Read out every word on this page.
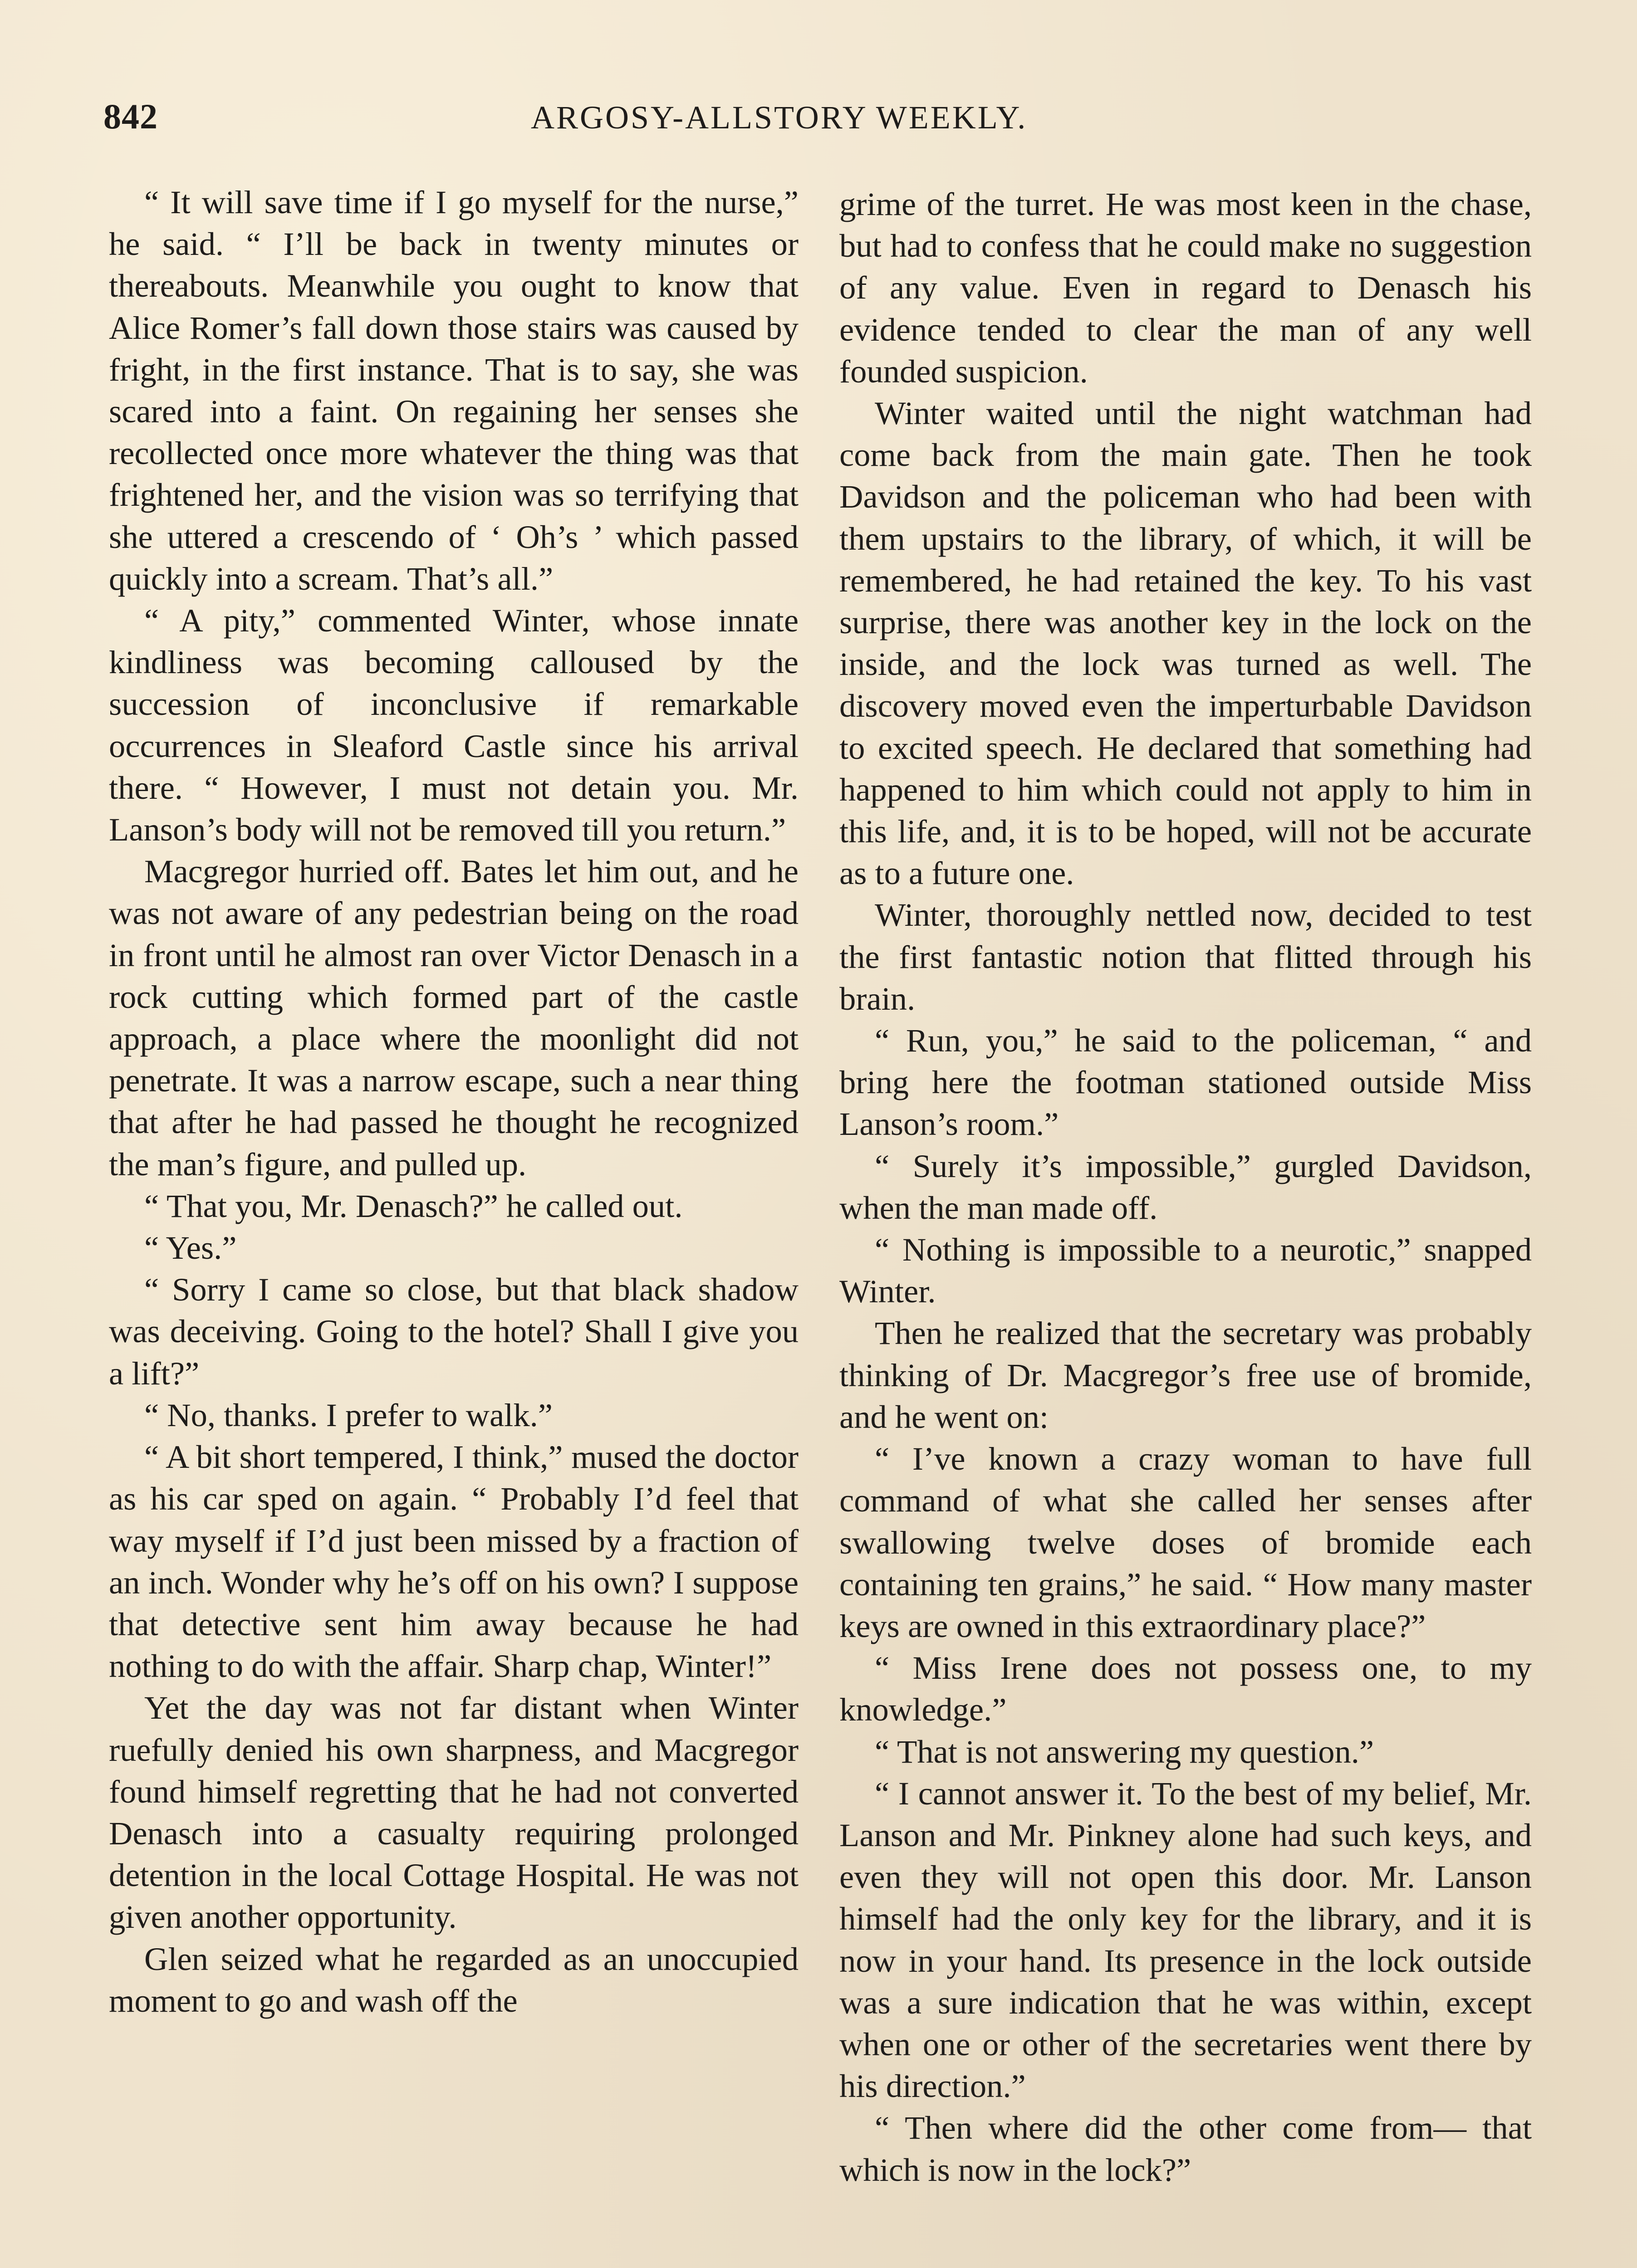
842	ARGOSY-ALLSTORY WEEKLY.

“ It will save time if I go myself for the nurse,” he said. “ I’ll be back in twenty minutes or thereabouts. Meanwhile you ought to know that Alice Romer’s fall down those stairs was caused by fright, in the first instance. That is to say, she was scared into a faint. On regaining her senses she recollected once more whatever the thing was that frightened her, and the vision was so terrifying that she uttered a crescendo of ‘ Oh’s ’ which passed quickly into a scream. That’s all.”

“ A pity,” commented Winter, whose innate kindliness was becoming calloused by the succession of inconclusive if remarkable occurrences in Sleaford Castle since his arrival there. “ However, I must not detain you. Mr. Lanson’s body will not be removed till you return.”

Macgregor hurried off. Bates let him out, and he was not aware of any pedestrian being on the road in front until he almost ran over Victor Denasch in a rock cutting which formed part of the castle approach, a place where the moonlight did not penetrate. It was a narrow escape, such a near thing that after he had passed he thought he recognized the man’s figure, and pulled up.

“ That you, Mr. Denasch?” he called out.

“ Yes.”

“ Sorry I came so close, but that black shadow was deceiving. Going to the hotel? Shall I give you a lift?”

“ No, thanks. I prefer to walk.”

“ A bit short tempered, I think,” mused the doctor as his car sped on again. “ Probably I’d feel that way myself if I’d just been missed by a fraction of an inch. Wonder why he’s off on his own? I suppose that detective sent him away because he had nothing to do with the affair. Sharp chap, Winter!”

Yet the day was not far distant when Winter ruefully denied his own sharpness, and Macgregor found himself regretting that he had not converted Denasch into a casualty requiring prolonged detention in the local Cottage Hospital. He was not given another opportunity.

Glen seized what he regarded as an unoccupied moment to go and wash off the

grime of the turret. He was most keen in the chase, but had to confess that he could make no suggestion of any value. Even in regard to Denasch his evidence tended to clear the man of any well founded suspicion.

Winter waited until the night watchman had come back from the main gate. Then he took Davidson and the policeman who had been with them upstairs to the library, of which, it will be remembered, he had retained the key. To his vast surprise, there was another key in the lock on the inside, and the lock was turned as well. The discovery moved even the imperturbable Davidson to excited speech. He declared that something had happened to him which could not apply to him in this life, and, it is to be hoped, will not be accurate as to a future one.

Winter, thoroughly nettled now, decided to test the first fantastic notion that flitted through his brain.

“ Run, you,” he said to the policeman, “ and bring here the footman stationed outside Miss Lanson’s room.”

“ Surely it’s impossible,” gurgled Davidson, when the man made off.

“ Nothing is impossible to a neurotic,” snapped Winter.

Then he realized that the secretary was probably thinking of Dr. Macgregor’s free use of bromide, and he went on:

“ I’ve known a crazy woman to have full command of what she called her senses after swallowing twelve doses of bromide each containing ten grains,” he said. “ How many master keys are owned in this extraordinary place?”

“ Miss Irene does not possess one, to my knowledge.”

“ That is not answering my question.”

“ I cannot answer it. To the best of my belief, Mr. Lanson and Mr. Pinkney alone had such keys, and even they will not open this door. Mr. Lanson himself had the only key for the library, and it is now in your hand. Its presence in the lock outside was a sure indication that he was within, except when one or other of the secretaries went there by his direction.”

“ Then where did the other come from— that which is now in the lock?”
